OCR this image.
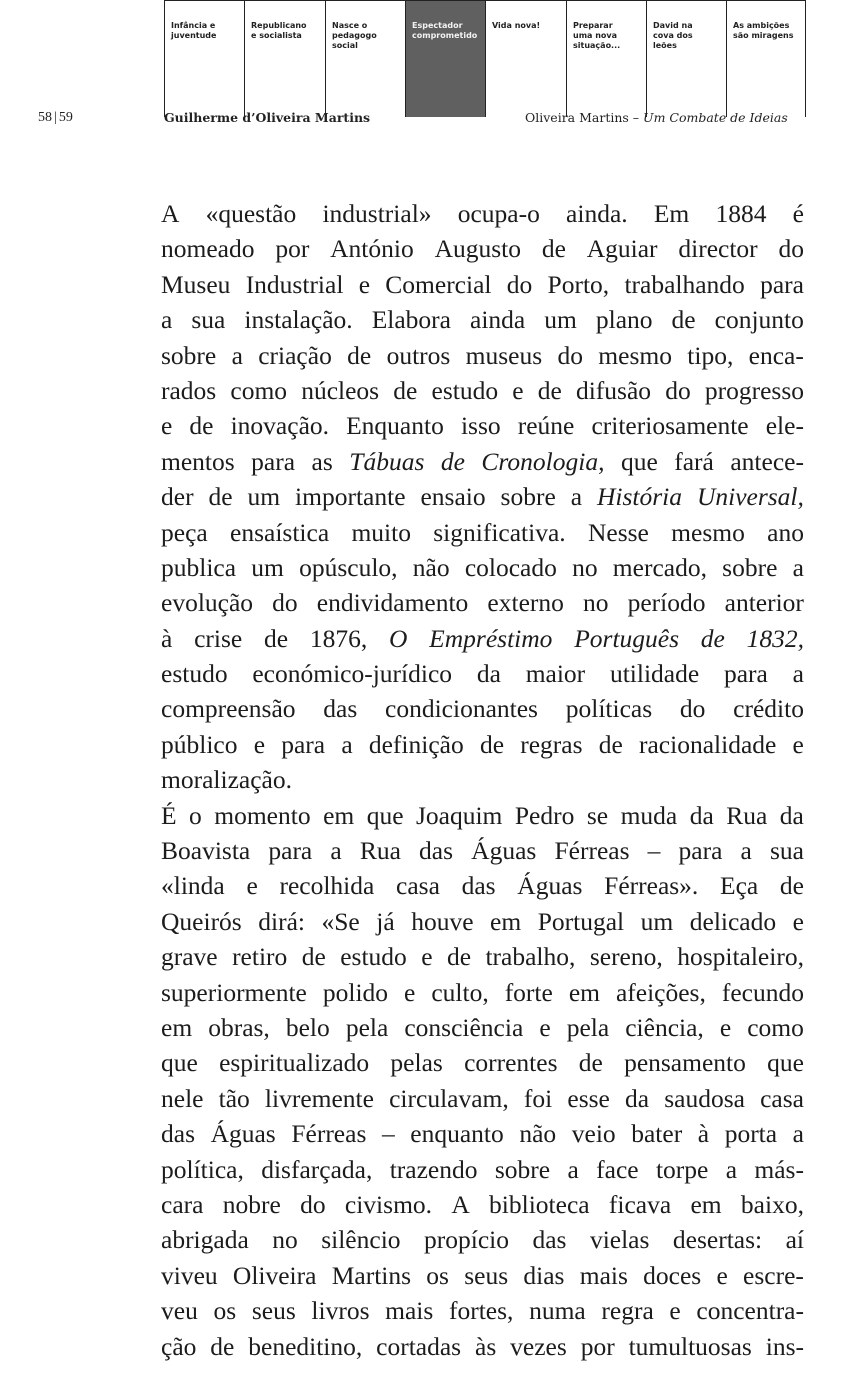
Infância e
juventude
Republicano
e socialista
Nasce o
pedagogo
social
Espectador
comprometido
Vida nova!	Preparar
uma nova
situação...
David na
cova dos
leões
As ambições
são miragens
58 | 59	Guilherme d’Oliveira Martins	Oliveira Martins – Um Combate de Ideias
A «questão industrial» ocupa-o ainda. Em 1884 é
nomeado por António Augusto de Aguiar director do
Museu Industrial e Comercial do Porto, trabalhando para
a sua instalação. Elabora ainda um plano de conjunto
sobre a criação de outros museus do mesmo tipo, enca-
rados como núcleos de estudo e de difusão do progresso
e de inovação. Enquanto isso reúne criteriosamente ele-
mentos para as Tábuas de Cronologia, que fará antece-
der de um importante ensaio sobre a História Universal,
peça ensaística muito significativa. Nesse mesmo ano
publica um opúsculo, não colocado no mercado, sobre a
evolução do endividamento externo no período anterior
à crise de 1876, O Empréstimo Português de 1832,
estudo económico-jurídico da maior utilidade para a
compreensão das condicionantes políticas do crédito
público e para a definição de regras de racionalidade e
moralização.
É o momento em que Joaquim Pedro se muda da Rua da
Boavista para a Rua das Águas Férreas – para a sua
«linda e recolhida casa das Águas Férreas». Eça de
Queirós dirá: «Se já houve em Portugal um delicado e
grave retiro de estudo e de trabalho, sereno, hospitaleiro,
superiormente polido e culto, forte em afeições, fecundo
em obras, belo pela consciência e pela ciência, e como
que espiritualizado pelas correntes de pensamento que
nele tão livremente circulavam, foi esse da saudosa casa
das Águas Férreas – enquanto não veio bater à porta a
política, disfarçada, trazendo sobre a face torpe a más-
cara nobre do civismo. A biblioteca ficava em baixo,
abrigada no silêncio propício das vielas desertas: aí
viveu Oliveira Martins os seus dias mais doces e escre-
veu os seus livros mais fortes, numa regra e concentra-
ção de beneditino, cortadas às vezes por tumultuosas ins-
